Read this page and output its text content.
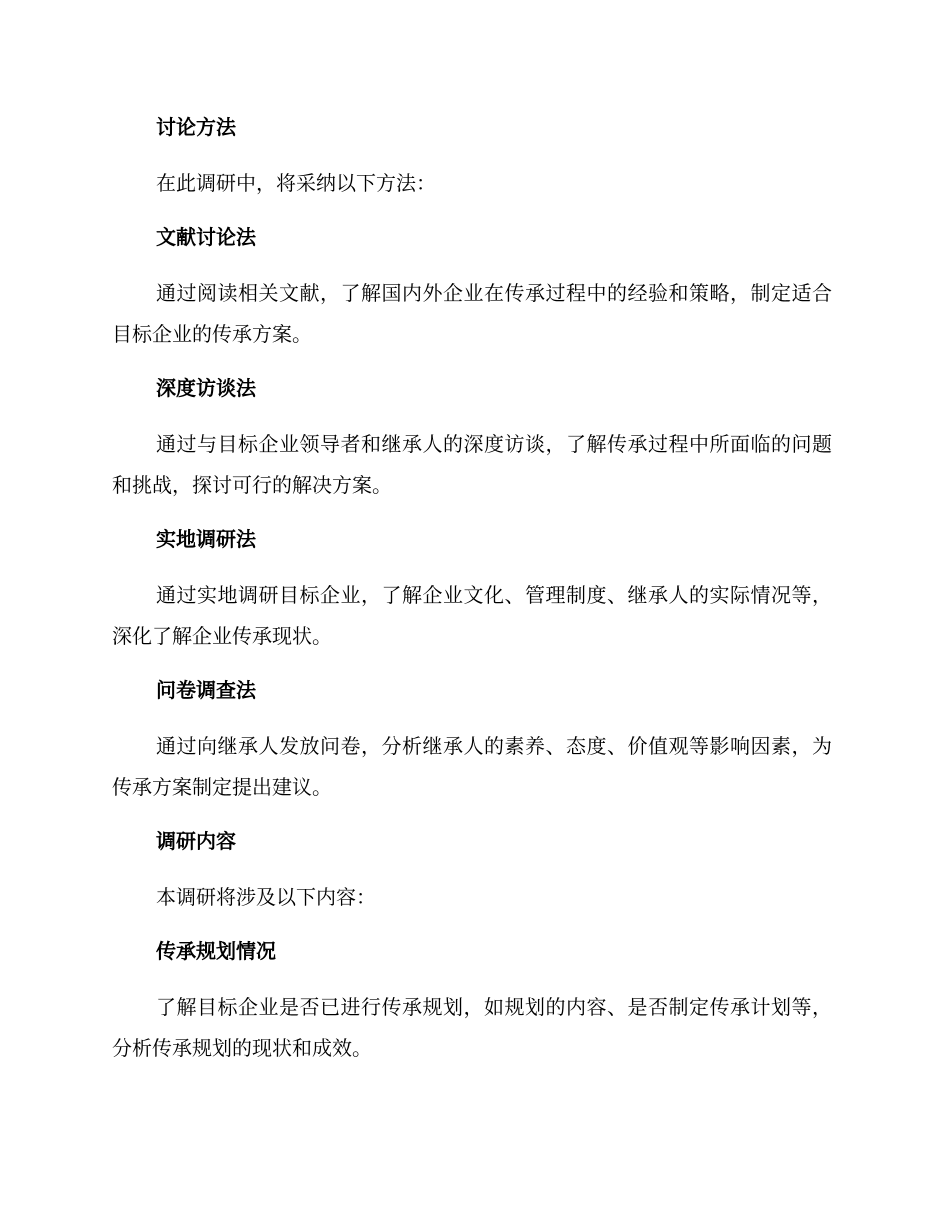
讨论方法

在此调研中，将采纳以下方法：

文献讨论法

通过阅读相关文献，了解国内外企业在传承过程中的经验和策略，制定适合目标企业的传承方案。

深度访谈法

通过与目标企业领导者和继承人的深度访谈，了解传承过程中所面临的问题和挑战，探讨可行的解决方案。

实地调研法

通过实地调研目标企业，了解企业文化、管理制度、继承人的实际情况等，深化了解企业传承现状。

问卷调查法

通过向继承人发放问卷，分析继承人的素养、态度、价值观等影响因素，为传承方案制定提出建议。

调研内容

本调研将涉及以下内容：

传承规划情况

了解目标企业是否已进行传承规划，如规划的内容、是否制定传承计划等，分析传承规划的现状和成效。
